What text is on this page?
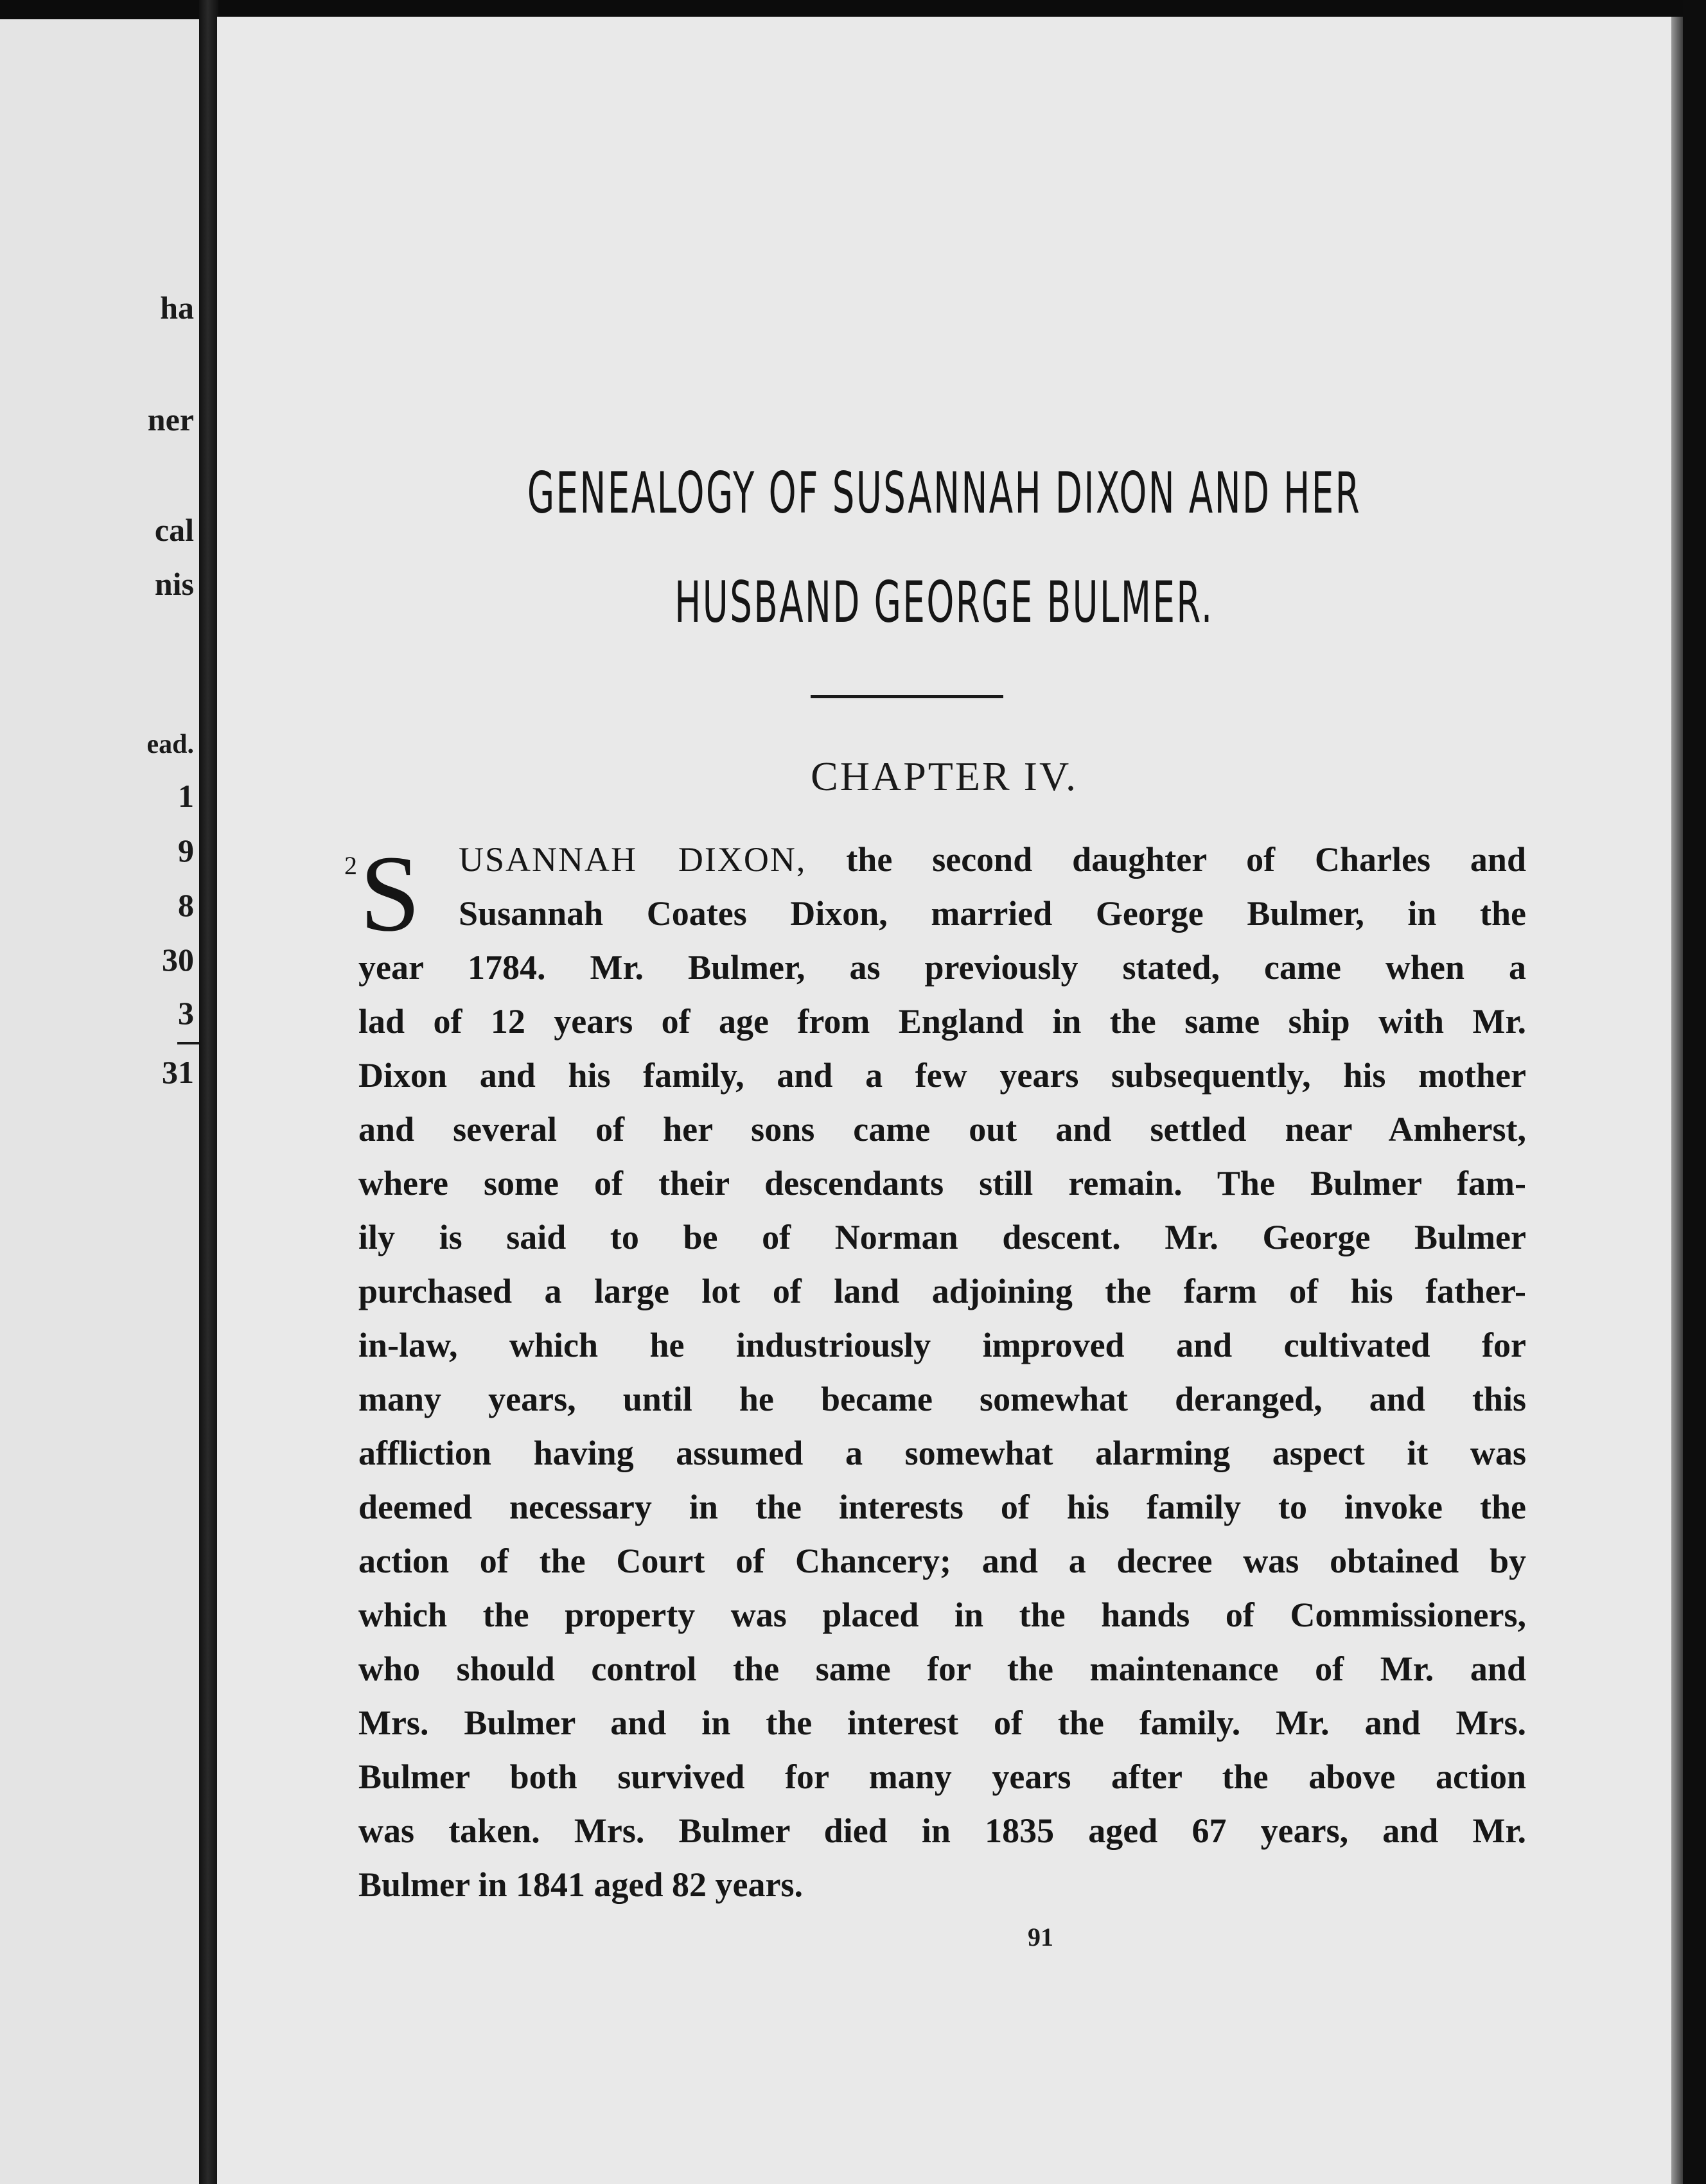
ha
ner
cal
nis
ead.
1
9
8
30
3
31
GENEALOGY OF SUSANNAH DIXON AND HER
HUSBAND GEORGE BULMER.
CHAPTER IV.
2 S USANNAH DIXON, the second daughter of Charles and
Susannah Coates Dixon, married George Bulmer, in the
year 1784. Mr. Bulmer, as previously stated, came when a
lad of 12 years of age from England in the same ship with Mr.
Dixon and his family, and a few years subsequently, his mother
and several of her sons came out and settled near Amherst,
where some of their descendants still remain. The Bulmer fam-
ily is said to be of Norman descent. Mr. George Bulmer
purchased a large lot of land adjoining the farm of his father-
in-law, which he industriously improved and cultivated for
many years, until he became somewhat deranged, and this
affliction having assumed a somewhat alarming aspect it was
deemed necessary in the interests of his family to invoke the
action of the Court of Chancery; and a decree was obtained by
which the property was placed in the hands of Commissioners,
who should control the same for the maintenance of Mr. and
Mrs. Bulmer and in the interest of the family. Mr. and Mrs.
Bulmer both survived for many years after the above action
was taken. Mrs. Bulmer died in 1835 aged 67 years, and Mr.
Bulmer in 1841 aged 82 years.
91
